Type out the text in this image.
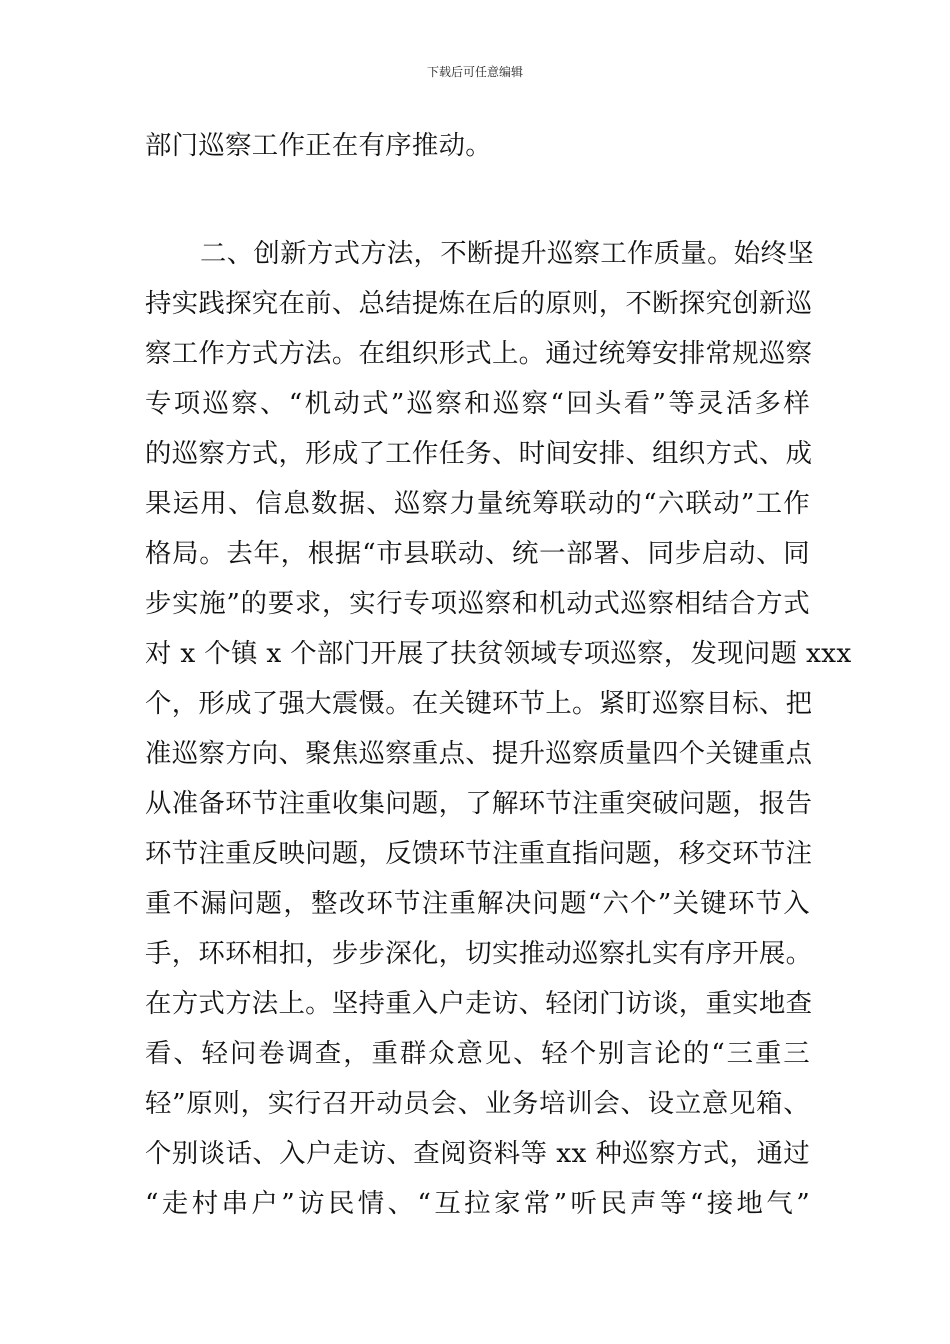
下载后可任意编辑
部门巡察工作正在有序推动。
二、创新方式方法，不断提升巡察工作质量。始终坚
持实践探究在前、总结提炼在后的原则，不断探究创新巡
察工作方式方法。在组织形式上。通过统筹安排常规巡察
专项巡察、“机动式”巡察和巡察“回头看”等灵活多样
的巡察方式，形成了工作任务、时间安排、组织方式、成
果运用、信息数据、巡察力量统筹联动的“六联动”工作
格局。去年，根据“市县联动、统一部署、同步启动、同
步实施”的要求，实行专项巡察和机动式巡察相结合方式
对 x 个镇 x 个部门开展了扶贫领域专项巡察，发现问题 xxx
个，形成了强大震慑。在关键环节上。紧盯巡察目标、把
准巡察方向、聚焦巡察重点、提升巡察质量四个关键重点
从准备环节注重收集问题，了解环节注重突破问题，报告
环节注重反映问题，反馈环节注重直指问题，移交环节注
重不漏问题，整改环节注重解决问题“六个”关键环节入
手，环环相扣，步步深化，切实推动巡察扎实有序开展。
在方式方法上。坚持重入户走访、轻闭门访谈，重实地查
看、轻问卷调查，重群众意见、轻个别言论的“三重三
轻”原则，实行召开动员会、业务培训会、设立意见箱、
个别谈话、入户走访、查阅资料等 xx 种巡察方式，通过
“走村串户”访民情、“互拉家常”听民声等“接地气”
